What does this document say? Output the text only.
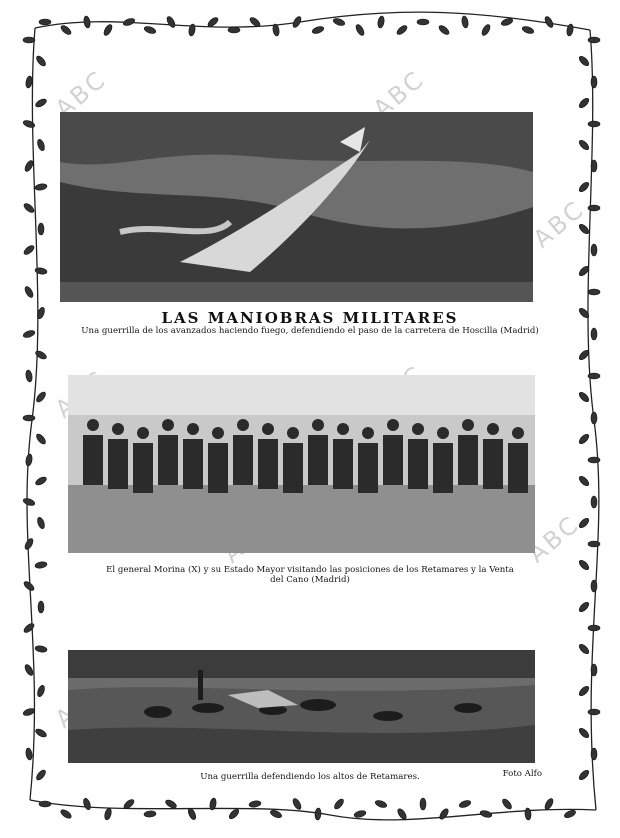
ABC	ABC
ABC
ABC
LAS MANIOBRAS MILITARES
Una guerrilla de los avanzados haciendo fuego, defendiendo el paso de la carretera de Hoscilla (Madrid)
El general Morina (X) y su Estado Mayor visitando las posiciones de los Retamares y la Venta
del Cano (Madrid)
Una guerrilla defendiendo los altos de Retamares.	Foto Alfo
